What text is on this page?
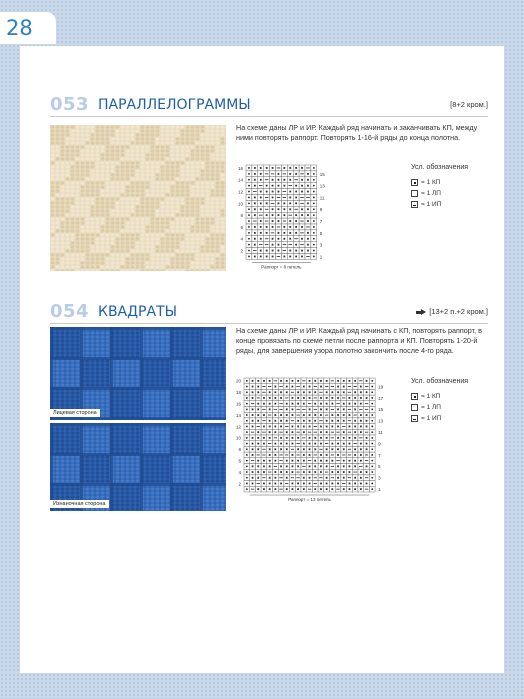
28
053 ПАРАЛЛЕЛОГРАММЫ	[8+2 кром.]
На схеме даны ЛР и ИР. Каждый ряд начинать и заканчивать КП, между ними повторять раппорт. Повторять 1-16-й ряды до конца полотна.
16
15
14
13
12
11
10
9
8
7
6
5
4
3
2
1
Раппорт = 8 петель
Усл. обозначения
= 1 КП
= 1 ЛП
= 1 ИП
054 КВАДРАТЫ	[13+2 п.+2 кром.]
Лицевая сторона
Изнаночная сторона
На схеме даны ЛР и ИР. Каждый ряд начинать с КП, повторять раппорт, в конце провязать по схеме петли после раппорта и КП. Повторять 1-20-й ряды, для завершения узора полотно закончить после 4-го ряда.
20
19
18
17
16
15
14
13
12
11
10
9
8
7
6
5
4
3
2
1
Раппорт = 13 петель
Усл. обозначения
= 1 КП
= 1 ЛП
= 1 ИП
